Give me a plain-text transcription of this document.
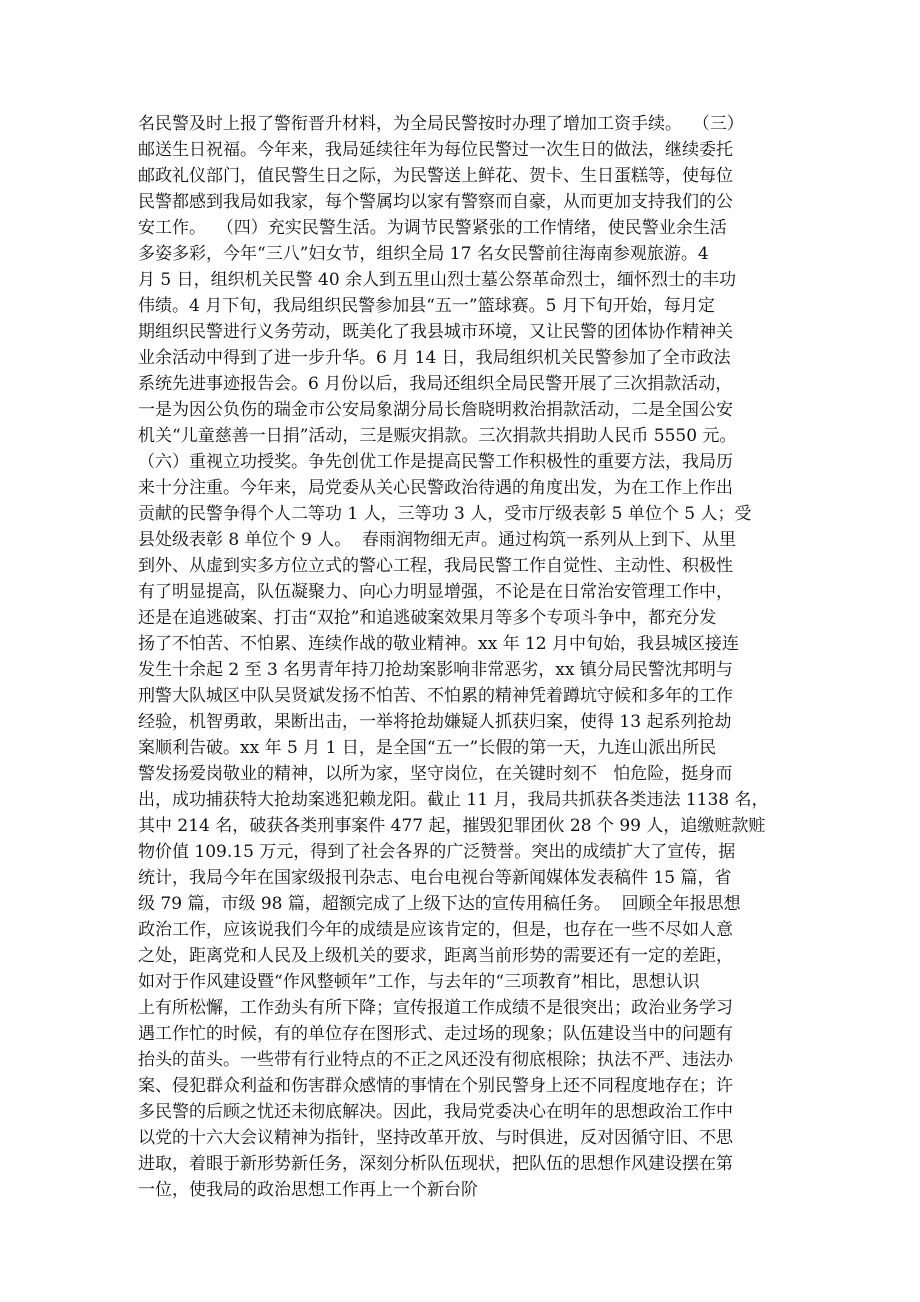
名民警及时上报了警衔晋升材料，为全局民警按时办理了增加工资手续。  （三）
邮送生日祝福。今年来，我局延续往年为每位民警过一次生日的做法，继续委托
邮政礼仪部门，值民警生日之际，为民警送上鲜花、贺卡、生日蛋糕等，使每位
民警都感到我局如我家，每个警属均以家有警察而自豪，从而更加支持我们的公
安工作。  （四）充实民警生活。为调节民警紧张的工作情绪，使民警业余生活
多姿多彩，今年“三八”妇女节，组织全局 17 名女民警前往海南参观旅游。4
月 5 日，组织机关民警 40 余人到五里山烈士墓公祭革命烈士，缅怀烈士的丰功
伟绩。4 月下旬，我局组织民警参加县“五一”篮球赛。5 月下旬开始，每月定
期组织民警进行义务劳动，既美化了我县城市环境，又让民警的团体协作精神关
业余活动中得到了进一步升华。6 月 14 日，我局组织机关民警参加了全市政法
系统先进事迹报告会。6 月份以后，我局还组织全局民警开展了三次捐款活动，
一是为因公负伤的瑞金市公安局象湖分局长詹晓明救治捐款活动，二是全国公安
机关“儿童慈善一日捐”活动，三是赈灾捐款。三次捐款共捐助人民币 5550 元。
（六）重视立功授奖。争先创优工作是提高民警工作积极性的重要方法，我局历
来十分注重。今年来，局党委从关心民警政治待遇的角度出发，为在工作上作出
贡献的民警争得个人二等功 1 人，三等功 3 人，受市厅级表彰 5 单位个 5 人；受
县处级表彰 8 单位个 9 人。  春雨润物细无声。通过构筑一系列从上到下、从里
到外、从虚到实多方位立式的警心工程，我局民警工作自觉性、主动性、积极性
有了明显提高，队伍凝聚力、向心力明显增强，不论是在日常治安管理工作中，
还是在追逃破案、打击“双抢”和追逃破案效果月等多个专项斗争中，都充分发
扬了不怕苦、不怕累、连续作战的敬业精神。xx 年 12 月中旬始，我县城区接连
发生十余起 2 至 3 名男青年持刀抢劫案影响非常恶劣，xx 镇分局民警沈邦明与
刑警大队城区中队吴贤斌发扬不怕苦、不怕累的精神凭着蹲坑守候和多年的工作
经验，机智勇敢，果断出击，一举将抢劫嫌疑人抓获归案，使得 13 起系列抢劫
案顺利告破。xx 年 5 月 1 日，是全国“五一”长假的第一天，九连山派出所民
警发扬爱岗敬业的精神，以所为家，坚守岗位，在关键时刻不   怕危险，挺身而
出，成功捕获特大抢劫案逃犯赖龙阳。截止 11 月，我局共抓获各类违法 1138 名，
其中 214 名，破获各类刑事案件 477 起，摧毁犯罪团伙 28 个 99 人，追缴赃款赃
物价值 109.15 万元，得到了社会各界的广泛赞誉。突出的成绩扩大了宣传，据
统计，我局今年在国家级报刊杂志、电台电视台等新闻媒体发表稿件 15 篇，省
级 79 篇，市级 98 篇，超额完成了上级下达的宣传用稿任务。  回顾全年报思想
政治工作，应该说我们今年的成绩是应该肯定的，但是，也存在一些不尽如人意
之处，距离党和人民及上级机关的要求，距离当前形势的需要还有一定的差距，
如对于作风建设暨“作风整顿年”工作，与去年的“三项教育”相比，思想认识
上有所松懈，工作劲头有所下降；宣传报道工作成绩不是很突出；政治业务学习
遇工作忙的时候，有的单位存在图形式、走过场的现象；队伍建设当中的问题有
抬头的苗头。一些带有行业特点的不正之风还没有彻底根除；执法不严、违法办
案、侵犯群众利益和伤害群众感情的事情在个别民警身上还不同程度地存在；许
多民警的后顾之忧还未彻底解决。因此，我局党委决心在明年的思想政治工作中
以党的十六大会议精神为指针，坚持改革开放、与时俱进，反对因循守旧、不思
进取，着眼于新形势新任务，深刻分析队伍现状，把队伍的思想作风建设摆在第
一位，使我局的政治思想工作再上一个新台阶
